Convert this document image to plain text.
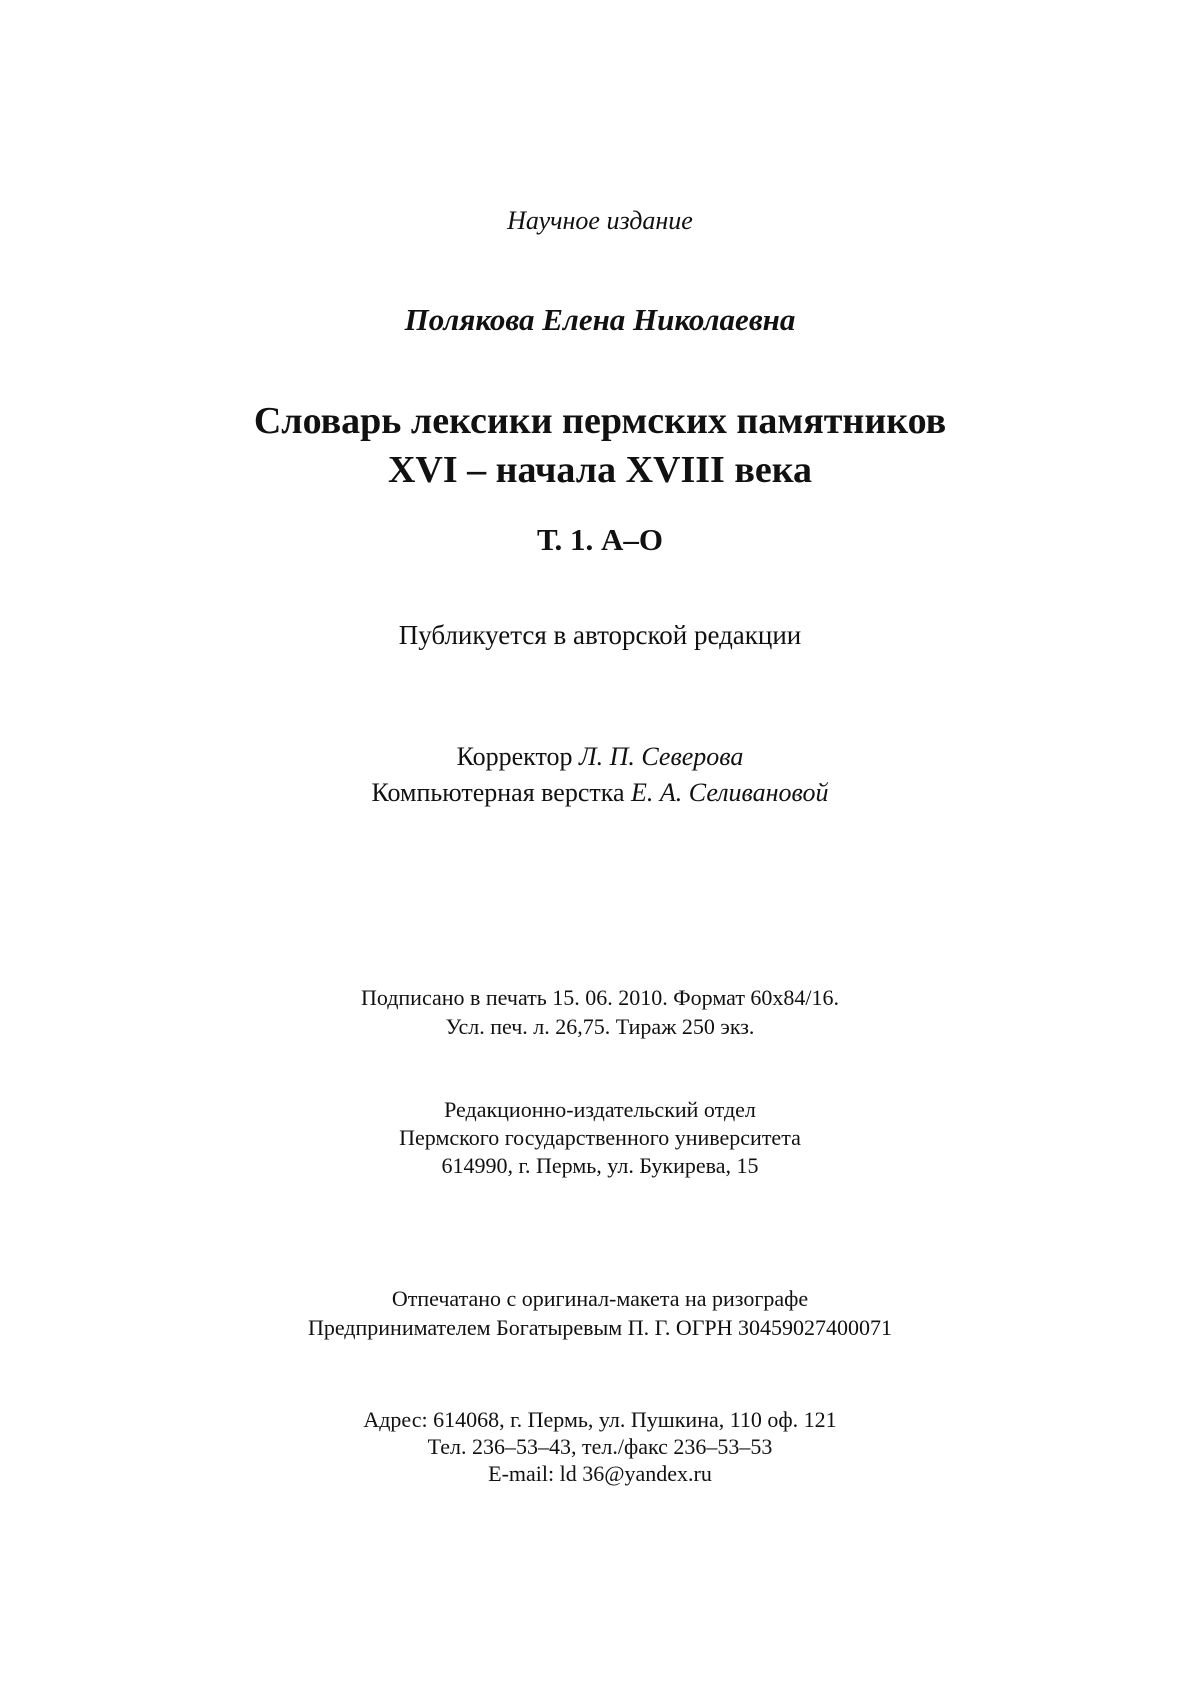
Научное издание
Полякова Елена Николаевна
Словарь лексики пермских памятников
XVI – начала XVIII века
Т. 1. А–О
Публикуется в авторской редакции
Корректор Л. П. Северова
Компьютерная верстка Е. А. Селивановой
Подписано в печать 15. 06. 2010. Формат 60х84/16.
Усл. печ. л. 26,75. Тираж 250 экз.
Редакционно-издательский отдел
Пермского государственного университета
614990, г. Пермь, ул. Букирева, 15
Отпечатано с оригинал-макета на ризографе
Предпринимателем Богатыревым П. Г. ОГРН 30459027400071
Адрес: 614068, г. Пермь, ул. Пушкина, 110 оф. 121
Тел. 236–53–43, тел./факс 236–53–53
E-mail: ld 36@yandex.ru
